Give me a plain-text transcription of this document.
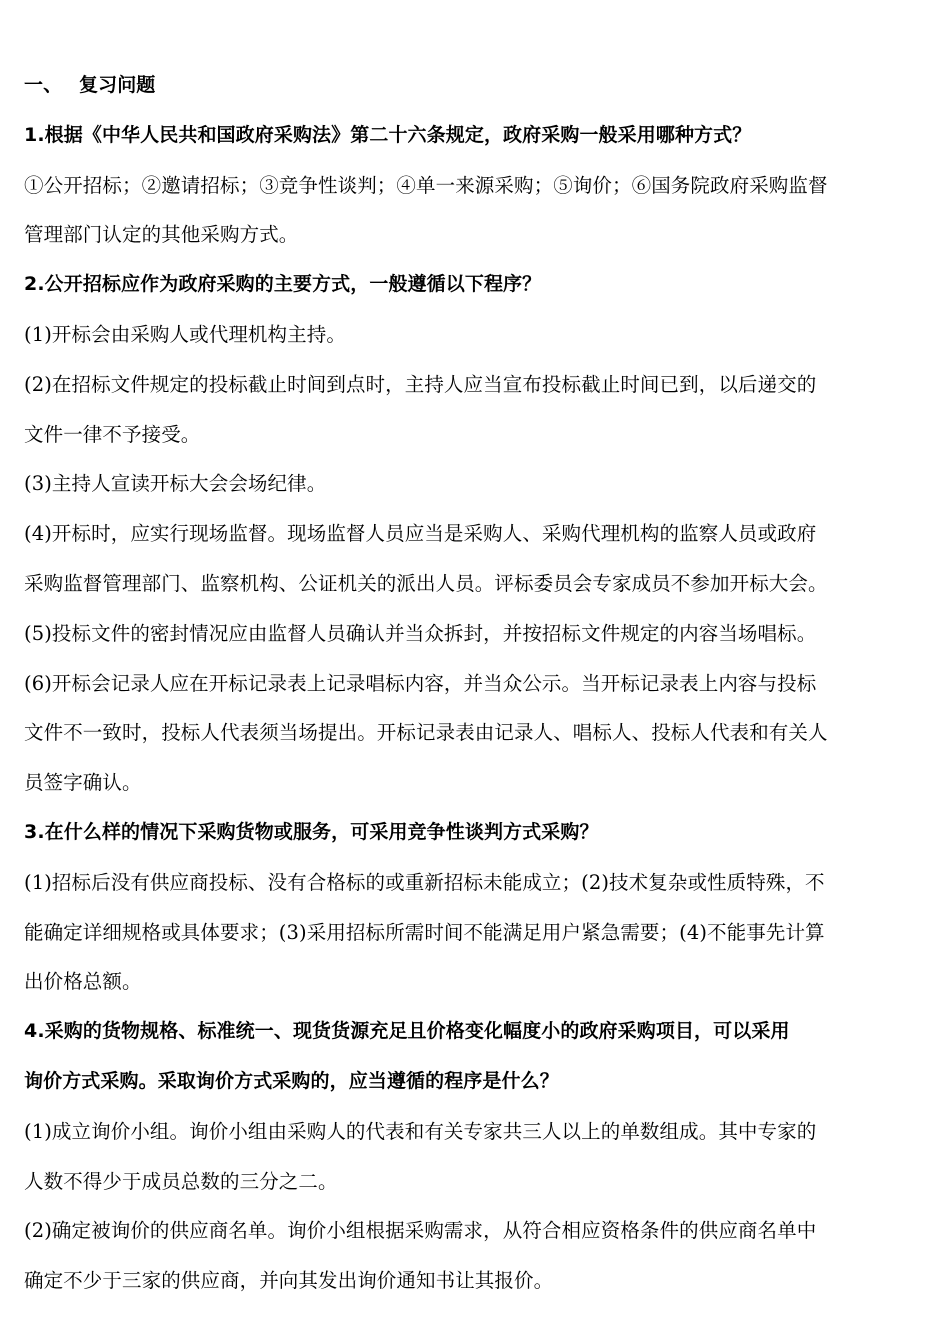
一、 复习问题
1.根据《中华人民共和国政府采购法》第二十六条规定，政府采购一般采用哪种方式？
①公开招标；②邀请招标；③竞争性谈判；④单一来源采购；⑤询价；⑥国务院政府采购监督
管理部门认定的其他采购方式。
2.公开招标应作为政府采购的主要方式，一般遵循以下程序？
(1)开标会由采购人或代理机构主持。
(2)在招标文件规定的投标截止时间到点时，主持人应当宣布投标截止时间已到，以后递交的
文件一律不予接受。
(3)主持人宣读开标大会会场纪律。
(4)开标时，应实行现场监督。现场监督人员应当是采购人、采购代理机构的监察人员或政府
采购监督管理部门、监察机构、公证机关的派出人员。评标委员会专家成员不参加开标大会。
(5)投标文件的密封情况应由监督人员确认并当众拆封，并按招标文件规定的内容当场唱标。
(6)开标会记录人应在开标记录表上记录唱标内容，并当众公示。当开标记录表上内容与投标
文件不一致时，投标人代表须当场提出。开标记录表由记录人、唱标人、投标人代表和有关人
员签字确认。
3.在什么样的情况下采购货物或服务，可采用竞争性谈判方式采购？
(1)招标后没有供应商投标、没有合格标的或重新招标未能成立；(2)技术复杂或性质特殊，不
能确定详细规格或具体要求；(3)采用招标所需时间不能满足用户紧急需要；(4)不能事先计算
出价格总额。
4.采购的货物规格、标准统一、现货货源充足且价格变化幅度小的政府采购项目，可以采用
询价方式采购。采取询价方式采购的，应当遵循的程序是什么？
(1)成立询价小组。询价小组由采购人的代表和有关专家共三人以上的单数组成。其中专家的
人数不得少于成员总数的三分之二。
(2)确定被询价的供应商名单。询价小组根据采购需求，从符合相应资格条件的供应商名单中
确定不少于三家的供应商，并向其发出询价通知书让其报价。
